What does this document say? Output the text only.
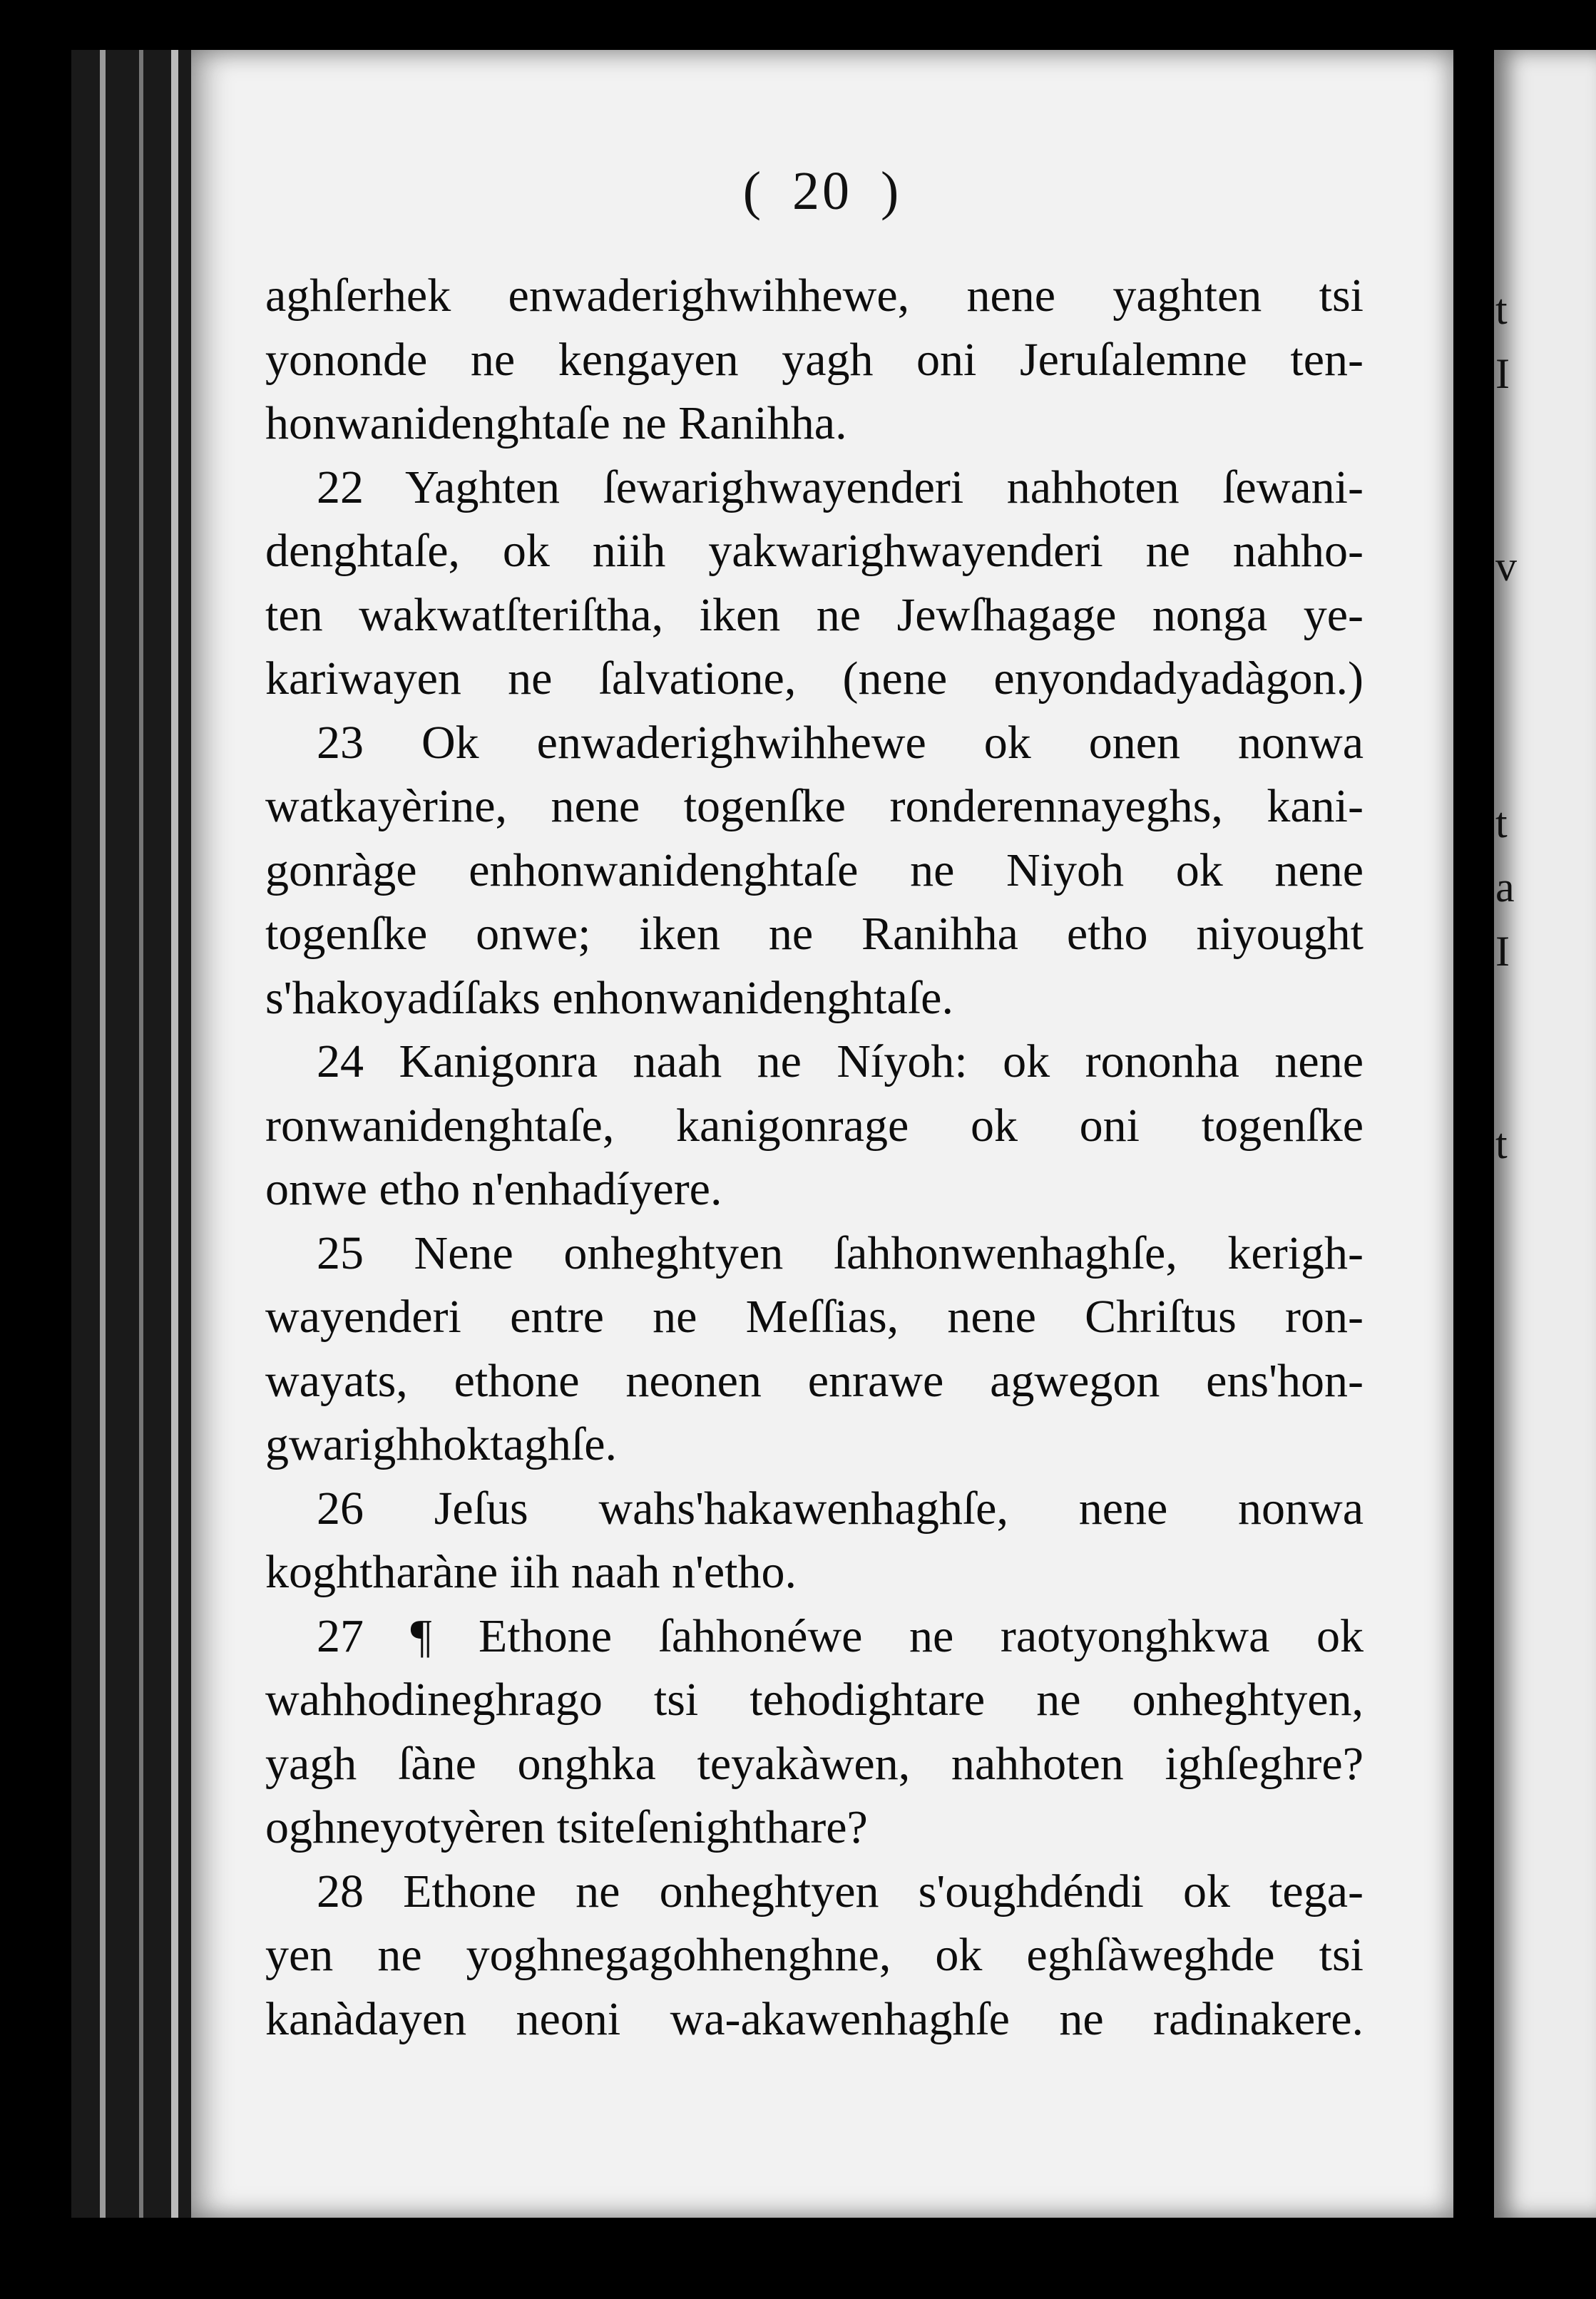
( 20 )
aghſerhek enwaderighwihhewe, nene yaghten tsi
yononde ne kengayen yagh oni Jeruſalemne ten-
honwanidenghtaſe ne Ranihha.
22 Yaghten ſewarighwayenderi nahhoten ſewani-
denghtaſe, ok niih yakwarighwayenderi ne nahho-
ten wakwatſteriſtha, iken ne Jewſhagage nonga ye-
kariwayen ne ſalvatione, (nene enyondadyadàgon.)
23 Ok enwaderighwihhewe ok onen nonwa
watkayèrine, nene togenſke ronderennayeghs, kani-
gonràge enhonwanidenghtaſe ne Niyoh ok nene
togenſke onwe; iken ne Ranihha etho niyought
s'hakoyadíſaks enhonwanidenghtaſe.
24 Kanigonra naah ne Níyoh: ok rononha nene
ronwanidenghtaſe, kanigonrage ok oni togenſke
onwe etho n'enhadíyere.
25 Nene onheghtyen ſahhonwenhaghſe, kerigh-
wayenderi entre ne Meſſias, nene Chriſtus ron-
wayats, ethone neonen enrawe agwegon ens'hon-
gwarighhoktaghſe.
26 Jeſus wahs'hakawenhaghſe, nene nonwa
koghtharàne iih naah n'etho.
27 ¶ Ethone ſahhonéwe ne raotyonghkwa ok
wahhodineghrago tsi tehodightare ne onheghtyen,
yagh ſàne onghka teyakàwen, nahhoten ighſeghre?
oghneyotyèren tsiteſenighthare?
28 Ethone ne onheghtyen s'oughdéndi ok tega-
yen ne yoghnegagohhenghne, ok eghſàweghde tsi
kanàdayen neoni wa-akawenhaghſe ne radinakere.
t
I
v
t
a
I
t
